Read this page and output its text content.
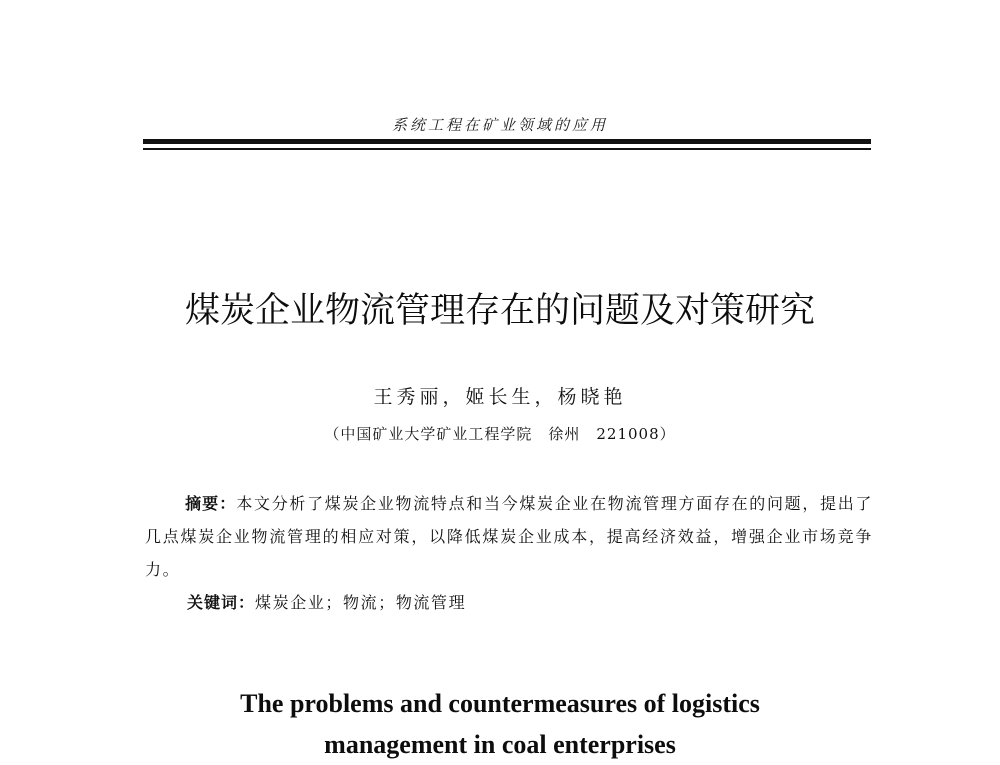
系统工程在矿业领域的应用
煤炭企业物流管理存在的问题及对策研究
王秀丽，姬长生，杨晓艳
（中国矿业大学矿业工程学院　徐州　221008）
摘要：本文分析了煤炭企业物流特点和当今煤炭企业在物流管理方面存在的问题，提出了几点煤炭企业物流管理的相应对策，以降低煤炭企业成本，提高经济效益，增强企业市场竞争力。
关键词：煤炭企业；物流；物流管理
The problems and countermeasures of logistics
management in coal enterprises
